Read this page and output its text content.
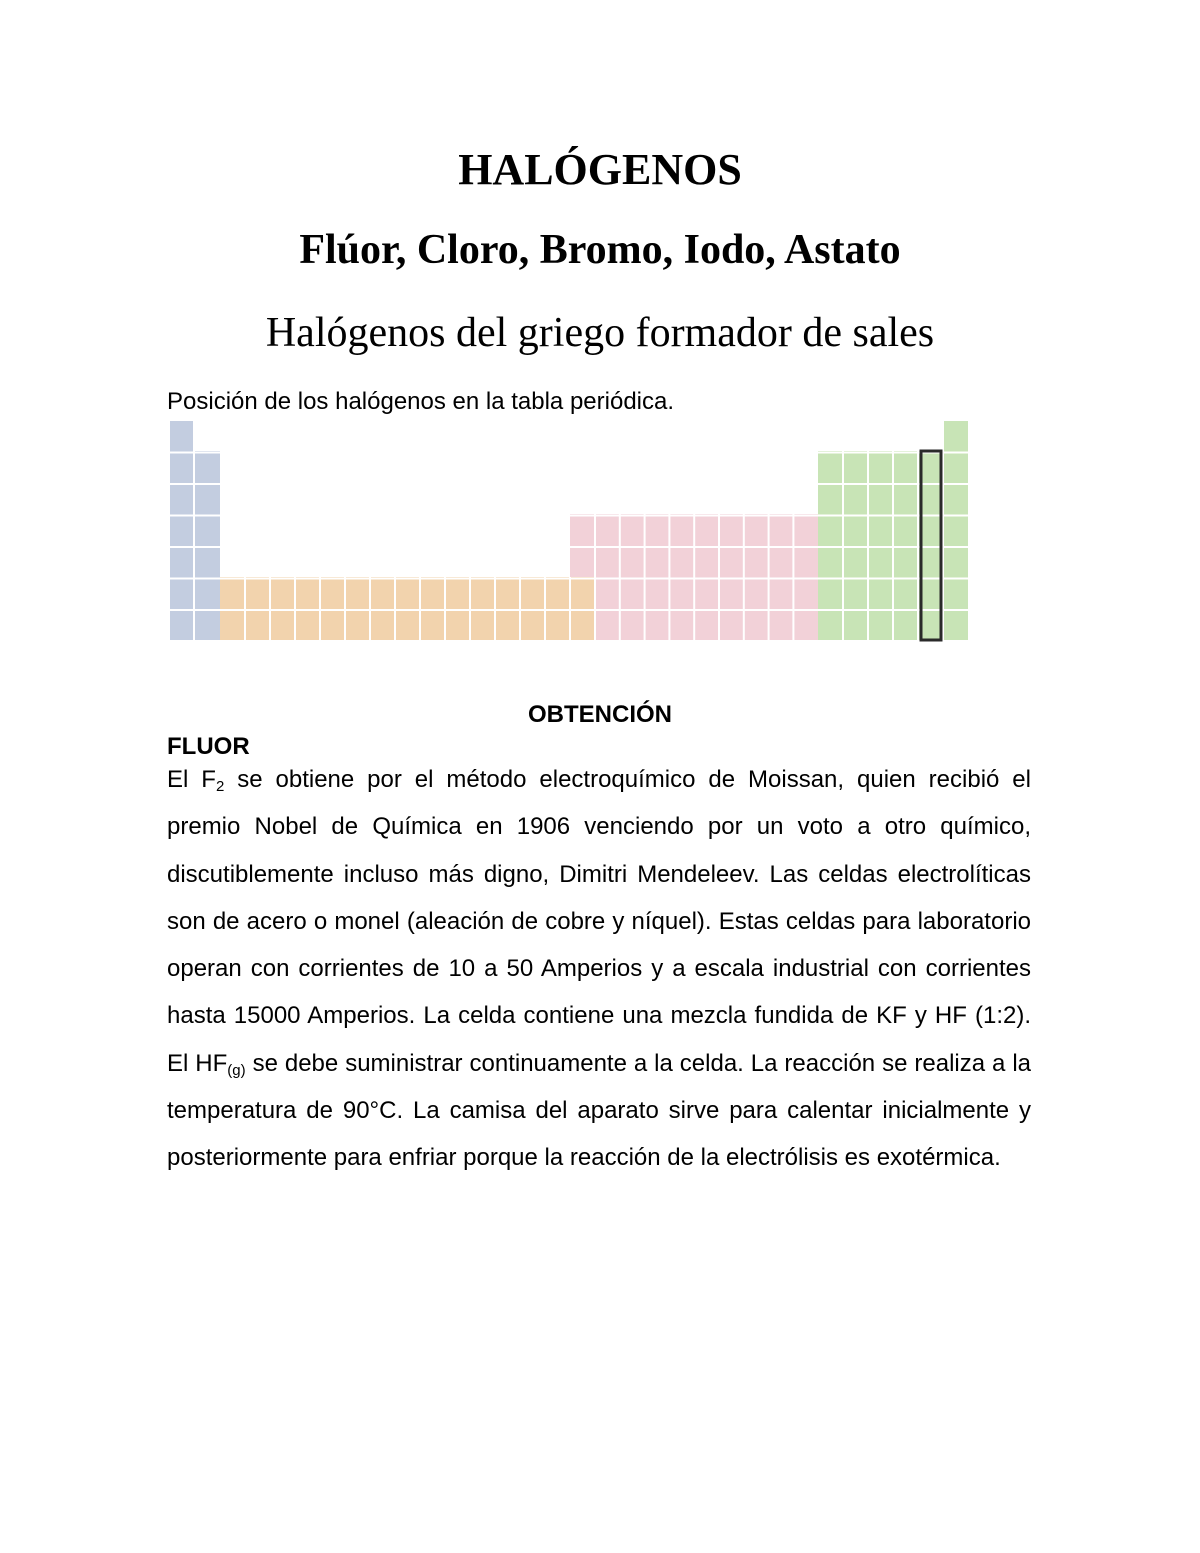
HALÓGENOS
Flúor, Cloro, Bromo, Iodo, Astato
Halógenos del griego formador de sales
Posición de los halógenos en la tabla periódica.
OBTENCIÓN
FLUOR

El $F_2$ se obtiene por el método electroquímico de Moissan, quien recibió el premio Nobel de Química en 1906 venciendo por un voto a otro químico, discutiblemente incluso más digno, Dimitri Mendeleev. Las celdas electrolíticas son de acero o monel (aleación de cobre y níquel). Estas celdas para laboratorio operan con corrientes de 10 a 50 Amperios y a escala industrial con corrientes hasta 15000 Amperios. La celda contiene una mezcla fundida de KF y HF (1:2). El $HF_{(g)}$ se debe suministrar continuamente a la celda. La reacción se realiza a la temperatura de 90°C. La camisa del aparato sirve para calentar inicialmente y posteriormente para enfriar porque la reacción de la electrólisis es exotérmica.
